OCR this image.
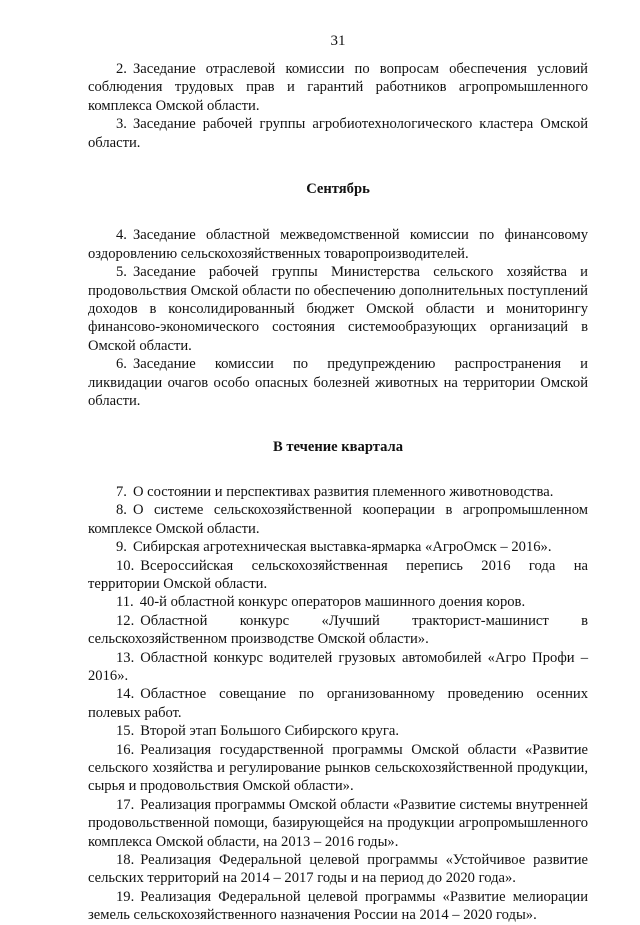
31

2. Заседание отраслевой комиссии по вопросам обеспечения условий соблюдения трудовых прав и гарантий работников агропромышленного комплекса Омской области.

3. Заседание рабочей группы агробиотехнологического кластера Омской области.

Сентябрь

4. Заседание областной межведомственной комиссии по финансовому оздоровлению сельскохозяйственных товаропроизводителей.

5. Заседание рабочей группы Министерства сельского хозяйства и продовольствия Омской области по обеспечению дополнительных поступлений доходов в консолидированный бюджет Омской области и мониторингу финансово-экономического состояния системообразующих организаций в Омской области.

6. Заседание комиссии по предупреждению распространения и ликвидации очагов особо опасных болезней животных на территории Омской области.

В течение квартала

7. О состоянии и перспективах развития племенного животноводства.

8. О системе сельскохозяйственной кооперации в агропромышленном комплексе Омской области.

9. Сибирская агротехническая выставка-ярмарка «АгроОмск – 2016».

10. Всероссийская сельскохозяйственная перепись 2016 года на территории Омской области.

11. 40-й областной конкурс операторов машинного доения коров.

12. Областной конкурс «Лучший тракторист-машинист в сельскохозяйственном производстве Омской области».

13. Областной конкурс водителей грузовых автомобилей «Агро Профи – 2016».

14. Областное совещание по организованному проведению осенних полевых работ.

15. Второй этап Большого Сибирского круга.

16. Реализация государственной программы Омской области «Развитие сельского хозяйства и регулирование рынков сельскохозяйственной продукции, сырья и продовольствия Омской области».

17. Реализация программы Омской области «Развитие системы внутренней продовольственной помощи, базирующейся на продукции агропромышленного комплекса Омской области, на 2013 – 2016 годы».

18. Реализация Федеральной целевой программы «Устойчивое развитие сельских территорий на 2014 – 2017 годы и на период до 2020 года».

19. Реализация Федеральной целевой программы «Развитие мелиорации земель сельскохозяйственного назначения России на 2014 – 2020 годы».
